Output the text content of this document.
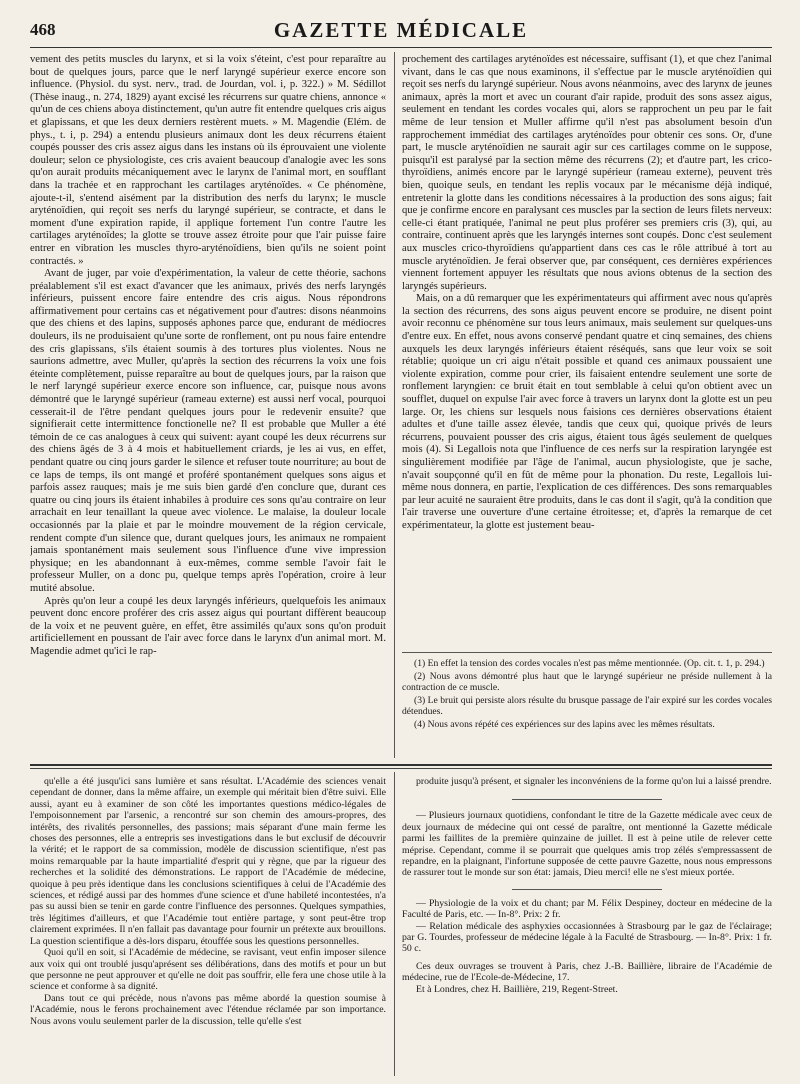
468	GAZETTE MÉDICALE

vement des petits muscles du larynx, et si la voix s'éteint, c'est pour reparaître au bout de quelques jours, parce que le nerf laryngé supérieur exerce encore son influence. (Physiol. du syst. nerv., trad. de Jourdan, vol. i, p. 322.) » M. Sédillot (Thèse inaug., n. 274, 1829) ayant excisé les récurrens sur quatre chiens, annonce « qu'un de ces chiens aboya distinctement, qu'un autre fit entendre quelques cris aigus et glapissans, et que les deux derniers restèrent muets. » M. Magendie (Elém. de phys., t. i, p. 294) a entendu plusieurs animaux dont les deux récurrens étaient coupés pousser des cris assez aigus dans les instans où ils éprouvaient une violente douleur; selon ce physiologiste, ces cris avaient beaucoup d'analogie avec les sons qu'on aurait produits mécaniquement avec le larynx de l'animal mort, en soufflant dans la trachée et en rapprochant les cartilages aryténoïdes. « Ce phénomène, ajoute-t-il, s'entend aisément par la distribution des nerfs du larynx; le muscle aryténoïdien, qui reçoit ses nerfs du laryngé supérieur, se contracte, et dans le moment d'une expiration rapide, il applique fortement l'un contre l'autre les cartilages aryténoïdes; la glotte se trouve assez étroite pour que l'air puisse faire entrer en vibration les muscles thyro-aryténoïdiens, bien qu'ils ne soient point contractés. »

Avant de juger, par voie d'expérimentation, la valeur de cette théorie, sachons préalablement s'il est exact d'avancer que les animaux, privés des nerfs laryngés inférieurs, puissent encore faire entendre des cris aigus. Nous répondrons affirmativement pour certains cas et négativement pour d'autres: disons néanmoins que des chiens et des lapins, supposés aphones parce que, endurant de médiocres douleurs, ils ne produisaient qu'une sorte de ronflement, ont pu nous faire entendre des cris glapissans, s'ils étaient soumis à des tortures plus violentes. Nous ne saurions admettre, avec Muller, qu'après la section des récurrens la voix une fois éteinte complètement, puisse reparaître au bout de quelques jours, par la raison que le nerf laryngé supérieur exerce encore son influence, car, puisque nous avons démontré que le laryngé supérieur (rameau externe) est aussi nerf vocal, pourquoi cesserait-il de l'être pendant quelques jours pour le redevenir ensuite? que signifierait cette intermittence fonctionelle ne? Il est probable que Muller a été témoin de ce cas analogues à ceux qui suivent: ayant coupé les deux récurrens sur des chiens âgés de 3 à 4 mois et habituellement criards, je les ai vus, en effet, pendant quatre ou cinq jours garder le silence et refuser toute nourriture; au bout de ce laps de temps, ils ont mangé et proféré spontanément quelques sons aigus et parfois assez rauques; mais je me suis bien gardé d'en conclure que, durant ces quatre ou cinq jours ils étaient inhabiles à produire ces sons qu'au contraire on leur arrachait en leur tenaillant la queue avec violence. Le malaise, la douleur locale occasionnés par la plaie et par le moindre mouvement de la région cervicale, rendent compte d'un silence que, durant quelques jours, les animaux ne rompaient jamais spontanément mais seulement sous l'influence d'une vive impression physique; en les abandonnant à eux-mêmes, comme semble l'avoir fait le professeur Muller, on a donc pu, quelque temps après l'opération, croire à leur mutité absolue.

Après qu'on leur a coupé les deux laryngés inférieurs, quelquefois les animaux peuvent donc encore proférer des cris assez aigus qui pourtant diffèrent beaucoup de la voix et ne peuvent guère, en effet, être assimilés qu'aux sons qu'on produit artificiellement en poussant de l'air avec force dans le larynx d'un animal mort. M. Magendie admet qu'ici le rap-

prochement des cartilages aryténoïdes est nécessaire, suffisant (1), et que chez l'animal vivant, dans le cas que nous examinons, il s'effectue par le muscle aryténoïdien qui reçoit ses nerfs du laryngé supérieur. Nous avons néanmoins, avec des larynx de jeunes animaux, après la mort et avec un courant d'air rapide, produit des sons assez aigus, seulement en tendant les cordes vocales qui, alors se rapprochent un peu par le fait même de leur tension et Muller affirme qu'il n'est pas absolument besoin d'un rapprochement immédiat des cartilages aryténoïdes pour obtenir ces sons. Or, d'une part, le muscle aryténoïdien ne saurait agir sur ces cartilages comme on le suppose, puisqu'il est paralysé par la section même des récurrens (2); et d'autre part, les crico-thyroïdiens, animés encore par le laryngé supérieur (rameau externe), peuvent très bien, quoique seuls, en tendant les replis vocaux par le mécanisme déjà indiqué, entretenir la glotte dans les conditions nécessaires à la production des sons aigus; fait que je confirme encore en paralysant ces muscles par la section de leurs filets nerveux: celle-ci étant pratiquée, l'animal ne peut plus proférer ses premiers cris (3), qui, au contraire, continuent après que les laryngés internes sont coupés. Donc c'est seulement aux muscles crico-thyroïdiens qu'appartient dans ces cas le rôle attribué à tort au muscle aryténoïdien. Je ferai observer que, par conséquent, ces dernières expériences viennent fortement appuyer les résultats que nous avions obtenus de la section des laryngés supérieurs.

Mais, on a dû remarquer que les expérimentateurs qui affirment avec nous qu'après la section des récurrens, des sons aigus peuvent encore se produire, ne disent point avoir reconnu ce phénomène sur tous leurs animaux, mais seulement sur quelques-uns d'entre eux. En effet, nous avons conservé pendant quatre et cinq semaines, des chiens auxquels les deux laryngés inférieurs étaient réséqués, sans que leur voix se soit rétablie; quoique un cri aigu n'était possible et quand ces animaux poussaient une violente expiration, comme pour crier, ils faisaient entendre seulement une sorte de ronflement laryngien: ce bruit était en tout semblable à celui qu'on obtient avec un soufflet, duquel on expulse l'air avec force à travers un larynx dont la glotte est un peu large. Or, les chiens sur lesquels nous faisions ces dernières observations étaient adultes et d'une taille assez élevée, tandis que ceux qui, quoique privés de leurs récurrens, pouvaient pousser des cris aigus, étaient tous âgés seulement de quelques mois (4). Si Legallois nota que l'influence de ces nerfs sur la respiration laryngée est singulièrement modifiée par l'âge de l'animal, aucun physiologiste, que je sache, n'avait soupçonné qu'il en fût de même pour la phonation. Du reste, Legallois lui-même nous donnera, en partie, l'explication de ces différences. Des sons remarquables par leur acuité ne sauraient être produits, dans le cas dont il s'agit, qu'à la condition que l'air traverse une ouverture d'une certaine étroitesse; et, d'après la remarque de cet expérimentateur, la glotte est justement beau-

(1) En effet la tension des cordes vocales n'est pas même mentionnée. (Op. cit. t. 1, p. 294.)

(2) Nous avons démontré plus haut que le laryngé supérieur ne préside nullement à la contraction de ce muscle.

(3) Le bruit qui persiste alors résulte du brusque passage de l'air expiré sur les cordes vocales détendues.

(4) Nous avons répété ces expériences sur des lapins avec les mêmes résultats.

qu'elle a été jusqu'ici sans lumière et sans résultat. L'Académie des sciences venait cependant de donner, dans la même affaire, un exemple qui méritait bien d'être suivi. Elle aussi, ayant eu à examiner de son côté les importantes questions médico-légales de l'empoisonnement par l'arsenic, a rencontré sur son chemin des amours-propres, des intérêts, des rivalités personnelles, des passions; mais séparant d'une main ferme les choses des personnes, elle a entrepris ses investigations dans le but exclusif de découvrir la vérité; et le rapport de sa commission, modèle de discussion scientifique, n'est pas moins remarquable par la haute impartialité d'esprit qui y règne, que par la rigueur des recherches et la solidité des démonstrations. Le rapport de l'Académie de médecine, quoique à peu près identique dans les conclusions scientifiques à celui de l'Académie des sciences, et rédigé aussi par des hommes d'une science et d'une habileté incontestées, n'a pas su aussi bien se tenir en garde contre l'influence des personnes. Quelques sympathies, très légitimes d'ailleurs, et que l'Académie tout entière partage, y sont peut-être trop clairement exprimées. Il n'en fallait pas davantage pour fournir un prétexte aux brouillons. La question scientifique a dès-lors disparu, étouffée sous les questions personnelles.

Quoi qu'il en soit, si l'Académie de médecine, se ravisant, veut enfin imposer silence aux voix qui ont troublé jusqu'aprésent ses délibérations, dans des motifs et pour un but que personne ne peut approuver et qu'elle ne doit pas souffrir, elle fera une chose utile à la science et conforme à sa dignité.

Dans tout ce qui précède, nous n'avons pas même abordé la question soumise à l'Académie, nous le ferons prochainement avec l'étendue réclamée par son importance. Nous avons voulu seulement parler de la discussion, telle qu'elle s'est

produite jusqu'à présent, et signaler les inconvéniens de la forme qu'on lui a laissé prendre.

— Plusieurs journaux quotidiens, confondant le titre de la Gazette médicale avec ceux de deux journaux de médecine qui ont cessé de paraître, ont mentionné la Gazette médicale parmi les faillites de la première quinzaine de juillet. Il est à peine utile de relever cette méprise. Cependant, comme il se pourrait que quelques amis trop zélés s'empressassent de repandre, en la plaignant, l'infortune supposée de cette pauvre Gazette, nous nous empressons de rassurer tout le monde sur son état: jamais, Dieu merci! elle ne s'est mieux portée.

— Physiologie de la voix et du chant; par M. Félix Despiney, docteur en médecine de la Faculté de Paris, etc. — In-8°. Prix: 2 fr.

— Relation médicale des asphyxies occasionnées à Strasbourg par le gaz de l'éclairage; par G. Tourdes, professeur de médecine légale à la Faculté de Strasbourg. — In-8°. Prix: 1 fr. 50 c.

Ces deux ouvrages se trouvent à Paris, chez J.-B. Baillière, libraire de l'Académie de médecine, rue de l'Ecole-de-Médecine, 17.

Et à Londres, chez H. Baillière, 219, Regent-Street.
